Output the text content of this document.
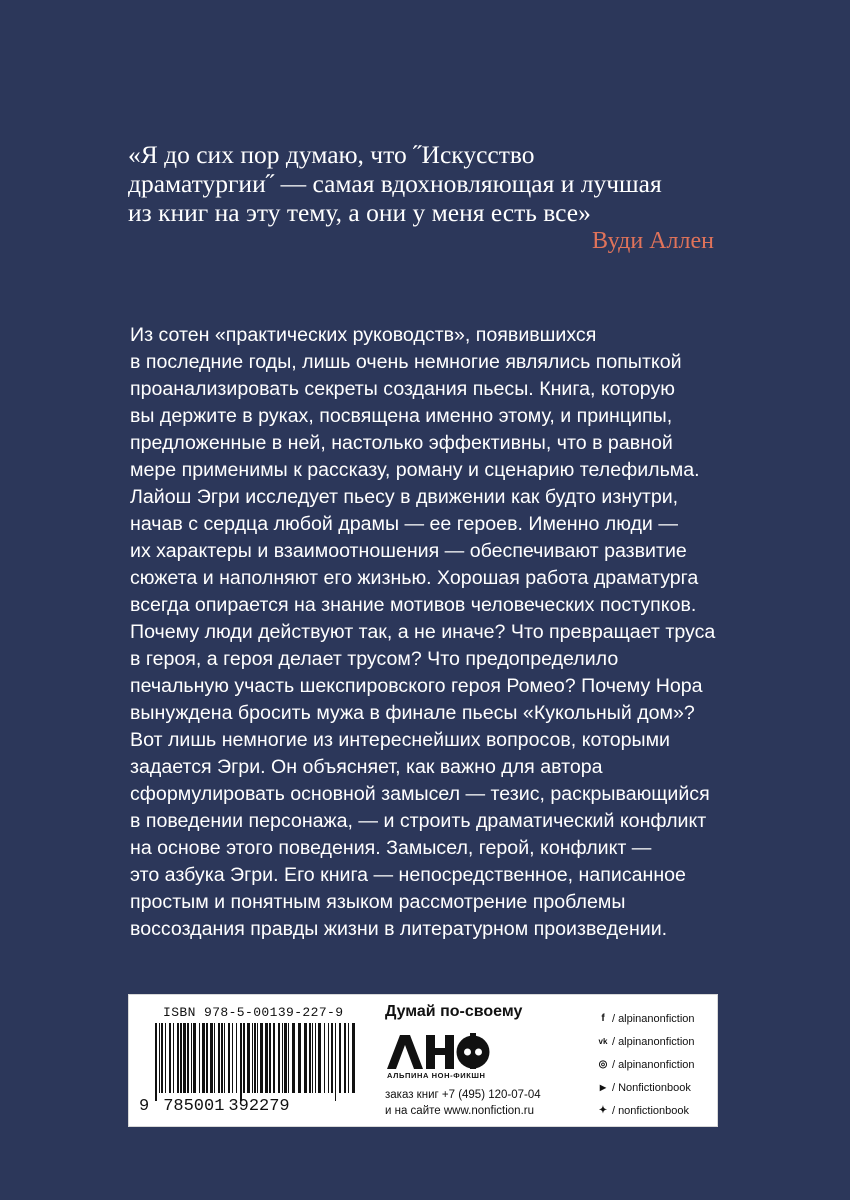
«Я до сих пор думаю, что ˝Искусство
драматургии˝ — самая вдохновляющая и лучшая
из книг на эту тему, а они у меня есть все»
Вуди Аллен
Из сотен «практических руководств», появившихся
в последние годы, лишь очень немногие являлись попыткой
проанализировать секреты создания пьесы. Книга, которую
вы держите в руках, посвящена именно этому, и принципы,
предложенные в ней, настолько эффективны, что в равной
мере применимы к рассказу, роману и сценарию телефильма.
Лайош Эгри исследует пьесу в движении как будто изнутри,
начав с сердца любой драмы — ее героев. Именно люди —
их характеры и взаимоотношения — обеспечивают развитие
сюжета и наполняют его жизнью. Хорошая работа драматурга
всегда опирается на знание мотивов человеческих поступков.
Почему люди действуют так, а не иначе? Что превращает труса
в героя, а героя делает трусом? Что предопределило
печальную участь шекспировского героя Ромео? Почему Нора
вынуждена бросить мужа в финале пьесы «Кукольный дом»?
Вот лишь немногие из интереснейших вопросов, которыми
задается Эгри. Он объясняет, как важно для автора
сформулировать основной замысел — тезис, раскрывающийся
в поведении персонажа, — и строить драматический конфликт
на основе этого поведения. Замысел, герой, конфликт —
это азбука Эгри. Его книга — непосредственное, написанное
простым и понятным языком рассмотрение проблемы
воссоздания правды жизни в литературном произведении.
ISBN 978-5-00139-227-9
9 785001 392279
Думай по-своему
АНФ
АЛЬПИНА НОН-ФИКШН
заказ книг +7 (495) 120-07-04
и на сайте www.nonfiction.ru
f / alpinanonfiction
vk / alpinanonfiction
◎ / alpinanonfiction
▶ / Nonfictionbook
✦ / nonfictionbook
